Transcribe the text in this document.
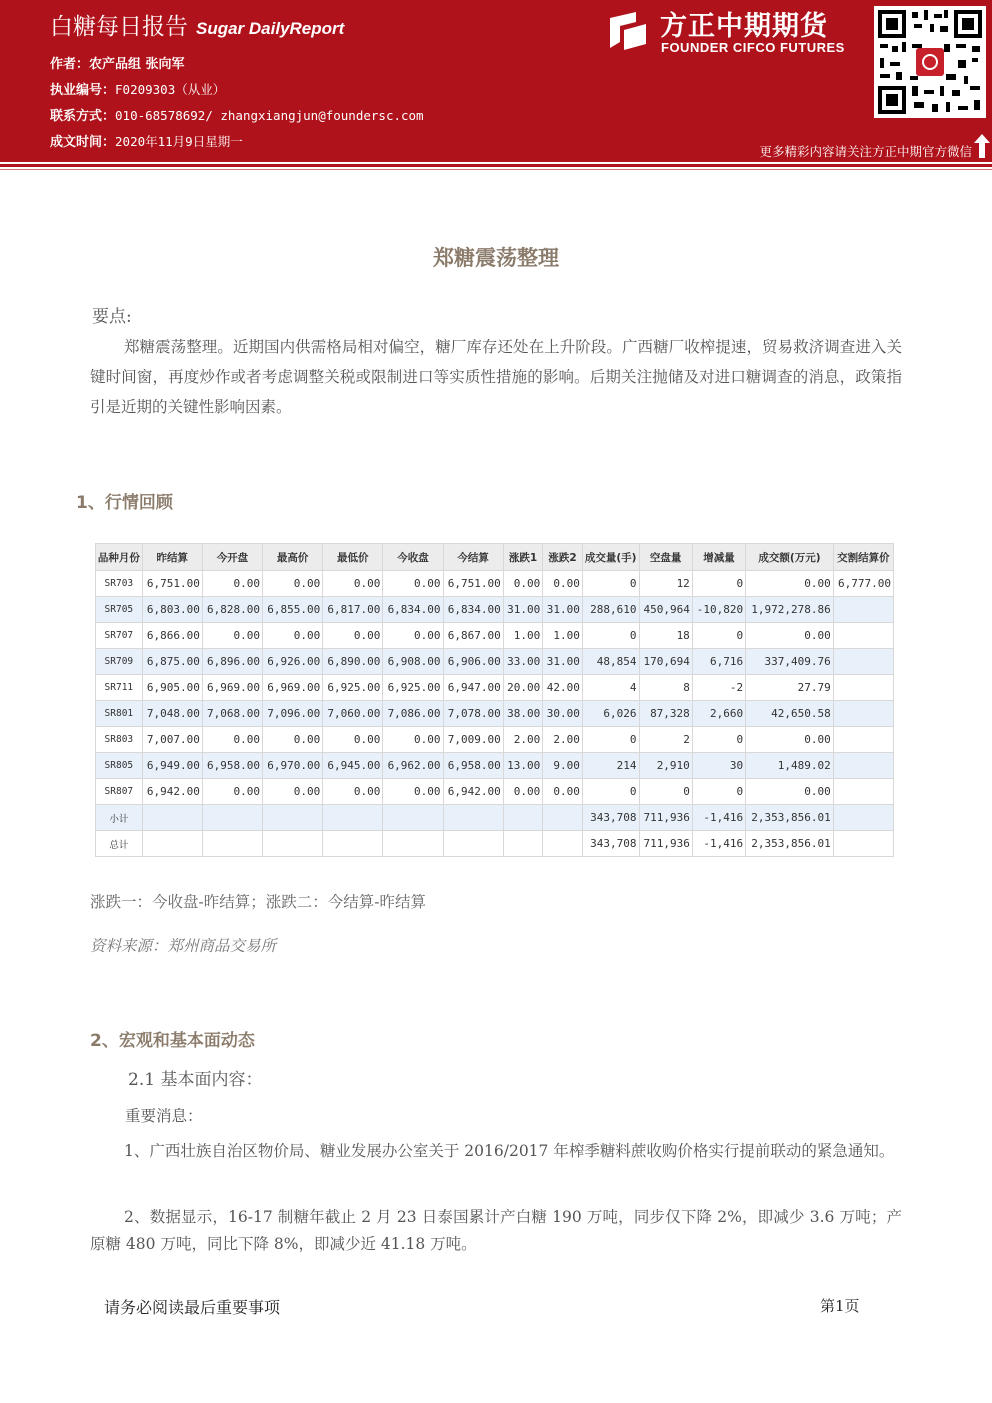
白糖每日报告 Sugar DailyReport
作者：农产品组 张向军
执业编号：F0209303（从业）
联系方式：010-68578692/ zhangxiangjun@foundersc.com
成文时间：2020年11月9日星期一
方正中期期货
FOUNDER CIFCO FUTURES
更多精彩内容请关注方正中期官方微信
郑糖震荡整理
要点:
郑糖震荡整理。近期国内供需格局相对偏空，糖厂库存还处在上升阶段。广西糖厂收榨提速，贸易救济调查进入关键时间窗，再度炒作或者考虑调整关税或限制进口等实质性措施的影响。后期关注抛储及对进口糖调查的消息，政策指引是近期的关键性影响因素。
1、行情回顾
品种月份	昨结算	今开盘	最高价	最低价	今收盘	今结算	涨跌1	涨跌2	成交量(手)	空盘量	增减量	成交额(万元)	交割结算价
SR703	6,751.00	0.00	0.00	0.00	0.00	6,751.00	0.00	0.00	0	12	0	0.00	6,777.00
SR705	6,803.00	6,828.00	6,855.00	6,817.00	6,834.00	6,834.00	31.00	31.00	288,610	450,964	-10,820	1,972,278.86	
SR707	6,866.00	0.00	0.00	0.00	0.00	6,867.00	1.00	1.00	0	18	0	0.00	
SR709	6,875.00	6,896.00	6,926.00	6,890.00	6,908.00	6,906.00	33.00	31.00	48,854	170,694	6,716	337,409.76	
SR711	6,905.00	6,969.00	6,969.00	6,925.00	6,925.00	6,947.00	20.00	42.00	4	8	-2	27.79	
SR801	7,048.00	7,068.00	7,096.00	7,060.00	7,086.00	7,078.00	38.00	30.00	6,026	87,328	2,660	42,650.58	
SR803	7,007.00	0.00	0.00	0.00	0.00	7,009.00	2.00	2.00	0	2	0	0.00	
SR805	6,949.00	6,958.00	6,970.00	6,945.00	6,962.00	6,958.00	13.00	9.00	214	2,910	30	1,489.02	
SR807	6,942.00	0.00	0.00	0.00	0.00	6,942.00	0.00	0.00	0	0	0	0.00	
小计									343,708	711,936	-1,416	2,353,856.01	
总计									343,708	711,936	-1,416	2,353,856.01	
涨跌一：今收盘-昨结算；涨跌二：今结算-昨结算
资料来源：郑州商品交易所
2、宏观和基本面动态
2.1 基本面内容：
重要消息：
1、广西壮族自治区物价局、糖业发展办公室关于 2016/2017 年榨季糖料蔗收购价格实行提前联动的紧急通知。
2、数据显示，16-17 制糖年截止 2 月 23 日泰国累计产白糖 190 万吨，同步仅下降 2%，即减少 3.6 万吨；产原糖 480 万吨，同比下降 8%，即减少近 41.18 万吨。
请务必阅读最后重要事项	第1页
